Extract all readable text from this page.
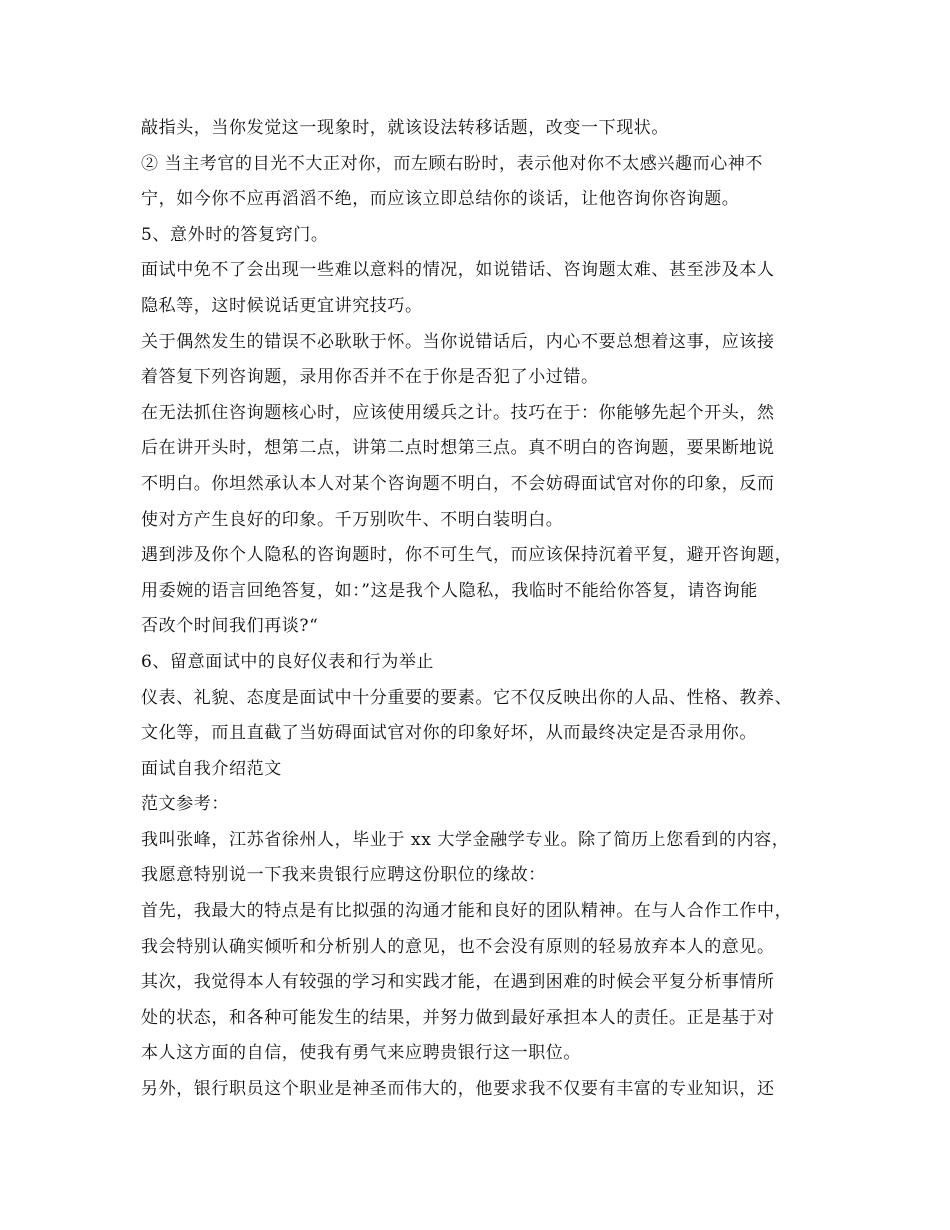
敲指头，当你发觉这一现象时，就该设法转移话题，改变一下现状。
② 当主考官的目光不大正对你，而左顾右盼时，表示他对你不太感兴趣而心神不
宁，如今你不应再滔滔不绝，而应该立即总结你的谈话，让他咨询你咨询题。
5、意外时的答复窍门。
面试中免不了会出现一些难以意料的情况，如说错话、咨询题太难、甚至涉及本人
隐私等，这时候说话更宜讲究技巧。
关于偶然发生的错误不必耿耿于怀。当你说错话后，内心不要总想着这事，应该接
着答复下列咨询题，录用你否并不在于你是否犯了小过错。
在无法抓住咨询题核心时，应该使用缓兵之计。技巧在于：你能够先起个开头，然
后在讲开头时，想第二点，讲第二点时想第三点。真不明白的咨询题，要果断地说
不明白。你坦然承认本人对某个咨询题不明白，不会妨碍面试官对你的印象，反而
使对方产生良好的印象。千万别吹牛、不明白装明白。
遇到涉及你个人隐私的咨询题时，你不可生气，而应该保持沉着平复，避开咨询题，
用委婉的语言回绝答复，如：”这是我个人隐私，我临时不能给你答复，请咨询能
否改个时间我们再谈?“
6、留意面试中的良好仪表和行为举止
仪表、礼貌、态度是面试中十分重要的要素。它不仅反映出你的人品、性格、教养、
文化等，而且直截了当妨碍面试官对你的印象好坏，从而最终决定是否录用你。
面试自我介绍范文
范文参考：
我叫张峰，江苏省徐州人，毕业于 xx 大学金融学专业。除了简历上您看到的内容，
我愿意特别说一下我来贵银行应聘这份职位的缘故：
首先，我最大的特点是有比拟强的沟通才能和良好的团队精神。在与人合作工作中，
我会特别认确实倾听和分析别人的意见，也不会没有原则的轻易放弃本人的意见。
其次，我觉得本人有较强的学习和实践才能，在遇到困难的时候会平复分析事情所
处的状态，和各种可能发生的结果，并努力做到最好承担本人的责任。正是基于对
本人这方面的自信，使我有勇气来应聘贵银行这一职位。
另外，银行职员这个职业是神圣而伟大的，他要求我不仅要有丰富的专业知识，还
